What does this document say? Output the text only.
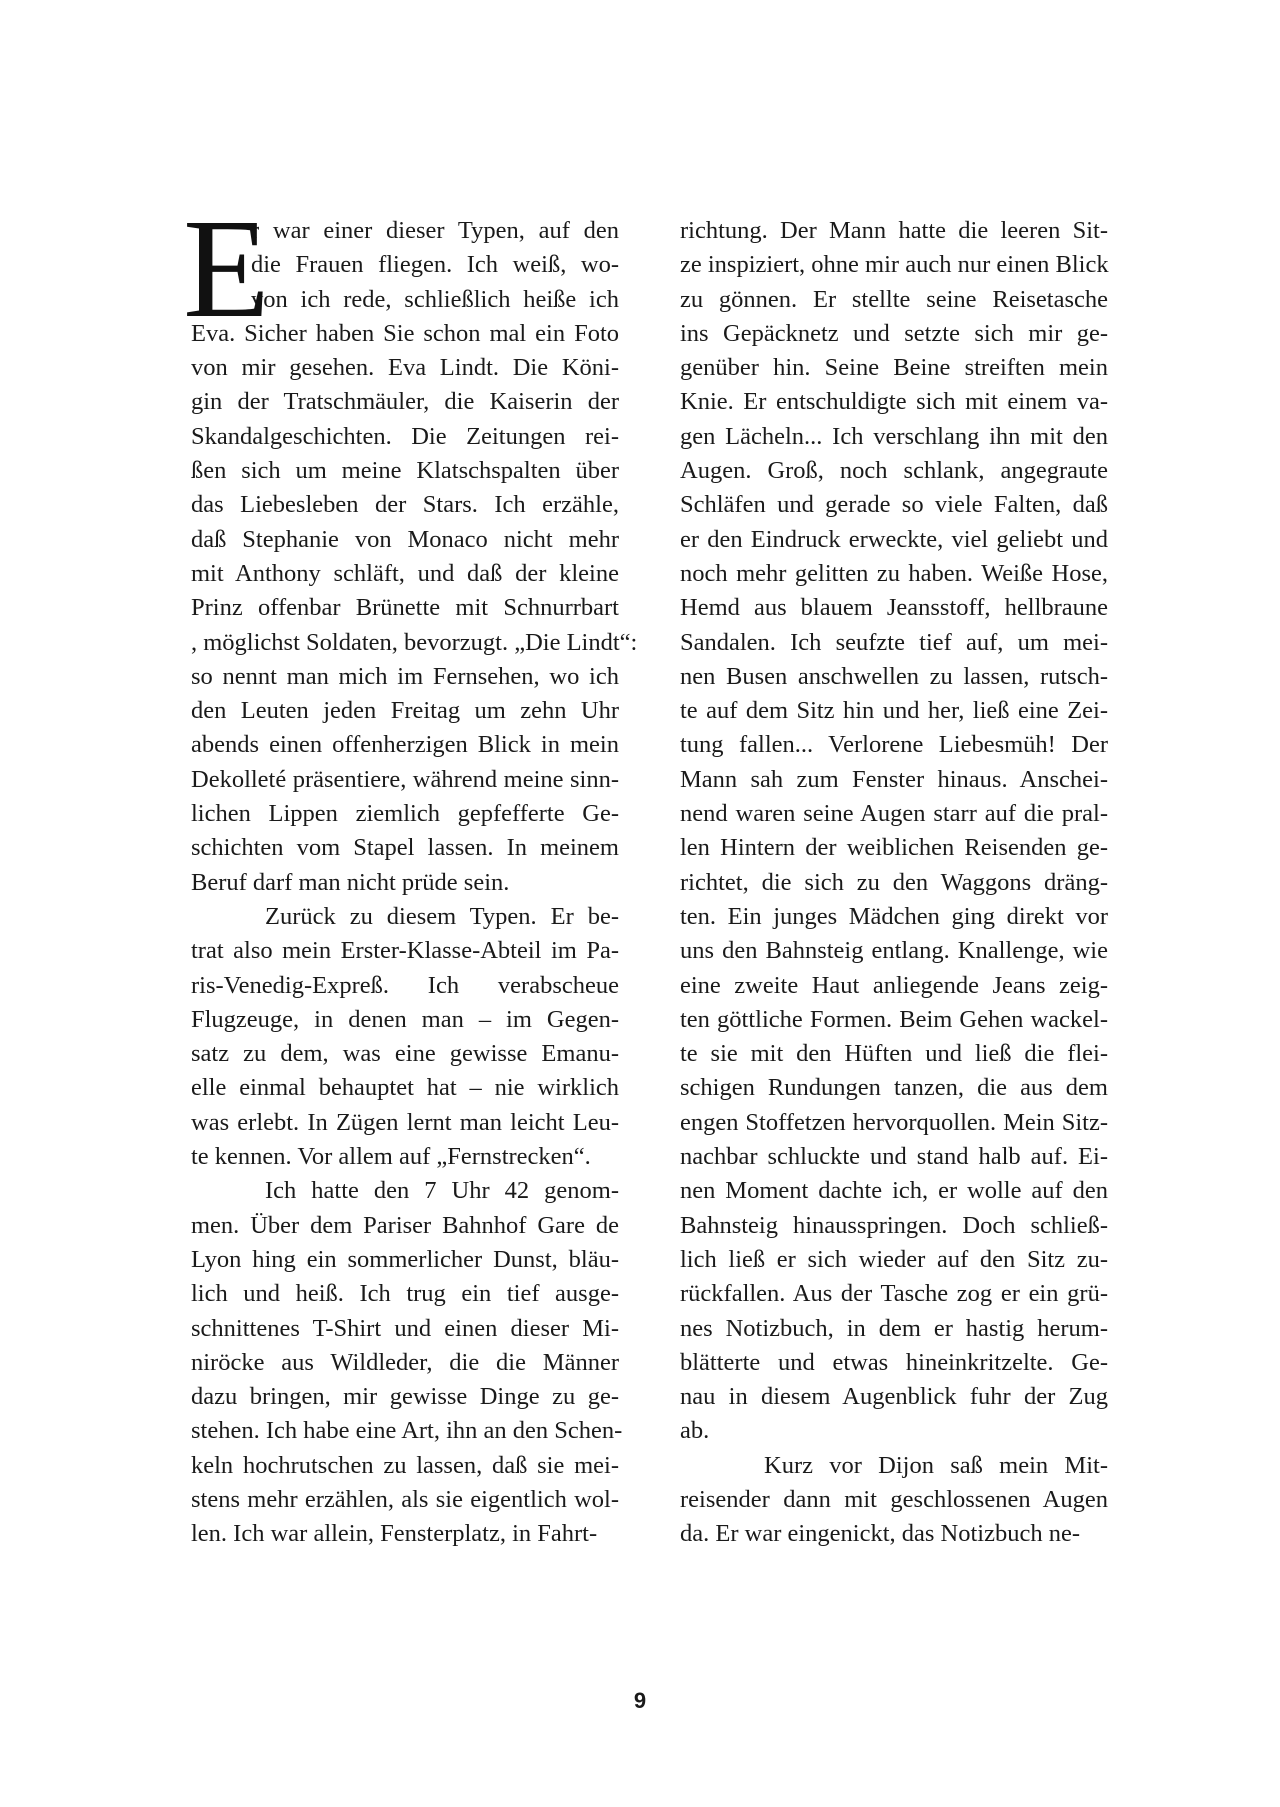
E
r war einer dieser Typen, auf den
die Frauen fliegen. Ich weiß, wo-
von ich rede, schließlich heiße ich
Eva. Sicher haben Sie schon mal ein Foto
von mir gesehen. Eva Lindt. Die Köni-
gin der Tratschmäuler, die Kaiserin der
Skandalgeschichten. Die Zeitungen rei-
ßen sich um meine Klatschspalten über
das Liebesleben der Stars. Ich erzähle,
daß Stephanie von Monaco nicht mehr
mit Anthony schläft, und daß der kleine
Prinz offenbar Brünette mit Schnurrbart
, möglichst Soldaten, bevorzugt. „Die Lindt“:
so nennt man mich im Fernsehen, wo ich
den Leuten jeden Freitag um zehn Uhr
abends einen offenherzigen Blick in mein
Dekolleté präsentiere, während meine sinn-
lichen Lippen ziemlich gepfefferte Ge-
schichten vom Stapel lassen. In meinem
Beruf darf man nicht prüde sein.
Zurück zu diesem Typen. Er be-
trat also mein Erster-Klasse-Abteil im Pa-
ris-Venedig-Expreß. Ich verabscheue
Flugzeuge, in denen man – im Gegen-
satz zu dem, was eine gewisse Emanu-
elle einmal behauptet hat – nie wirklich
was erlebt. In Zügen lernt man leicht Leu-
te kennen. Vor allem auf „Fernstrecken“.
Ich hatte den 7 Uhr 42 genom-
men. Über dem Pariser Bahnhof Gare de
Lyon hing ein sommerlicher Dunst, bläu-
lich und heiß. Ich trug ein tief ausge-
schnittenes T-Shirt und einen dieser Mi-
niröcke aus Wildleder, die die Männer
dazu bringen, mir gewisse Dinge zu ge-
stehen. Ich habe eine Art, ihn an den Schen-
keln hochrutschen zu lassen, daß sie mei-
stens mehr erzählen, als sie eigentlich wol-
len. Ich war allein, Fensterplatz, in Fahrt-
richtung. Der Mann hatte die leeren Sit-
ze inspiziert, ohne mir auch nur einen Blick
zu gönnen. Er stellte seine Reisetasche
ins Gepäcknetz und setzte sich mir ge-
genüber hin. Seine Beine streiften mein
Knie. Er entschuldigte sich mit einem va-
gen Lächeln... Ich verschlang ihn mit den
Augen. Groß, noch schlank, angegraute
Schläfen und gerade so viele Falten, daß
er den Eindruck erweckte, viel geliebt und
noch mehr gelitten zu haben. Weiße Hose,
Hemd aus blauem Jeansstoff, hellbraune
Sandalen. Ich seufzte tief auf, um mei-
nen Busen anschwellen zu lassen, rutsch-
te auf dem Sitz hin und her, ließ eine Zei-
tung fallen... Verlorene Liebesmüh! Der
Mann sah zum Fenster hinaus. Anschei-
nend waren seine Augen starr auf die pral-
len Hintern der weiblichen Reisenden ge-
richtet, die sich zu den Waggons dräng-
ten. Ein junges Mädchen ging direkt vor
uns den Bahnsteig entlang. Knallenge, wie
eine zweite Haut anliegende Jeans zeig-
ten göttliche Formen. Beim Gehen wackel-
te sie mit den Hüften und ließ die flei-
schigen Rundungen tanzen, die aus dem
engen Stoffetzen hervorquollen. Mein Sitz-
nachbar schluckte und stand halb auf. Ei-
nen Moment dachte ich, er wolle auf den
Bahnsteig hinausspringen. Doch schließ-
lich ließ er sich wieder auf den Sitz zu-
rückfallen. Aus der Tasche zog er ein grü-
nes Notizbuch, in dem er hastig herum-
blätterte und etwas hineinkritzelte. Ge-
nau in diesem Augenblick fuhr der Zug
ab.
Kurz vor Dijon saß mein Mit-
reisender dann mit geschlossenen Augen
da. Er war eingenickt, das Notizbuch ne-
9
